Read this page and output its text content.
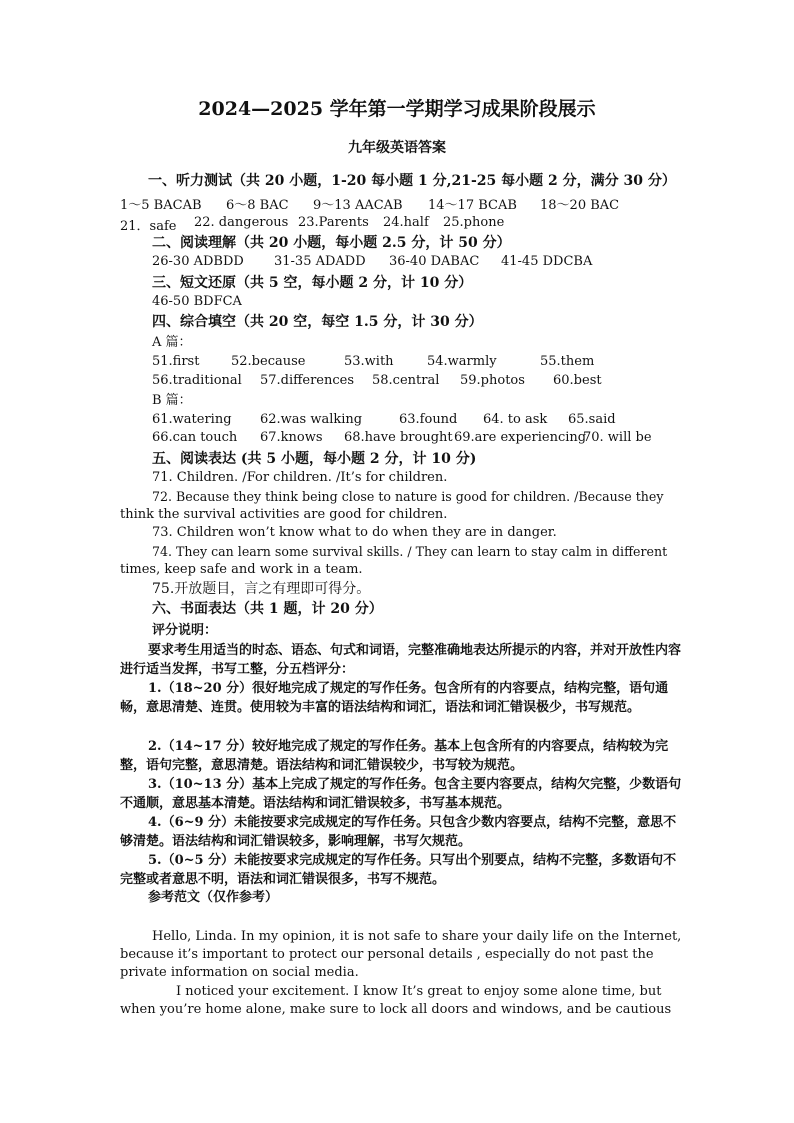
2024—2025 学年第一学期学习成果阶段展示
九年级英语答案
一、听力测试（共 20 小题，1-20 每小题 1 分,21-25 每小题 2 分，满分 30 分）
1～5 BACAB 6～8 BAC 9～13 AACAB 14～17 BCAB 18～20 BAC
21．safe 22. dangerous 23.Parents 24.half 25.phone
二、阅读理解（共 20 小题，每小题 2.5 分，计 50 分）
26-30 ADBDD 31-35 ADADD 36-40 DABAC 41-45 DDCBA
三、短文还原（共 5 空，每小题 2 分，计 10 分）
46-50 BDFCA
四、综合填空（共 20 空，每空 1.5 分，计 30 分）
A 篇：
51.first 52.because	53.with	54.warmly	55.them
56.traditional 57.differences 58.central 59.photos 60.best
B 篇：
61.watering 62.was walking	63.found 64. to ask 65.said
66.can touch 67.knows 68.have brought 69.are experiencing
70. will be
五、阅读表达 (共 5 小题，每小题 2 分，计 10 分)
71. Children. /For children. /It’s for children.
72. Because they think being close to nature is good for children. /Because they
think the survival activities are good for children.
73. Children won’t know what to do when they are in danger.
74. They can learn some survival skills. / They can learn to stay calm in different
times, keep safe and work in a team.
75.开放题目，言之有理即可得分。
六、书面表达（共 1 题，计 20 分）
评分说明：
要求考生用适当的时态、语态、句式和词语，完整准确地表达所提示的内容，并对开放性内容进行适当发挥，书写工整，分五档评分：
1.（18~20 分）很好地完成了规定的写作任务。包含所有的内容要点，结构完整，语句通畅，意思清楚、连贯。使用较为丰富的语法结构和词汇，语法和词汇错误极少，书写规范。
2.（14~17 分）较好地完成了规定的写作任务。基本上包含所有的内容要点，结构较为完整，语句完整，意思清楚。语法结构和词汇错误较少，书写较为规范。
3.（10~13 分）基本上完成了规定的写作任务。包含主要内容要点，结构欠完整，少数语句不通顺，意思基本清楚。语法结构和词汇错误较多，书写基本规范。
4.（6~9 分）未能按要求完成规定的写作任务。只包含少数内容要点，结构不完整，意思不够清楚。语法结构和词汇错误较多，影响理解，书写欠规范。
5.（0~5 分）未能按要求完成规定的写作任务。只写出个别要点，结构不完整，多数语句不完整或者意思不明，语法和词汇错误很多，书写不规范。
参考范文（仅作参考）
Hello, Linda. In my opinion, it is not safe to share your daily life on the Internet,
because it’s important to protect our personal details , especially do not past the
private information on social media.
I noticed your excitement. I know It’s great to enjoy some alone time, but
when you’re home alone, make sure to lock all doors and windows, and be cautious
